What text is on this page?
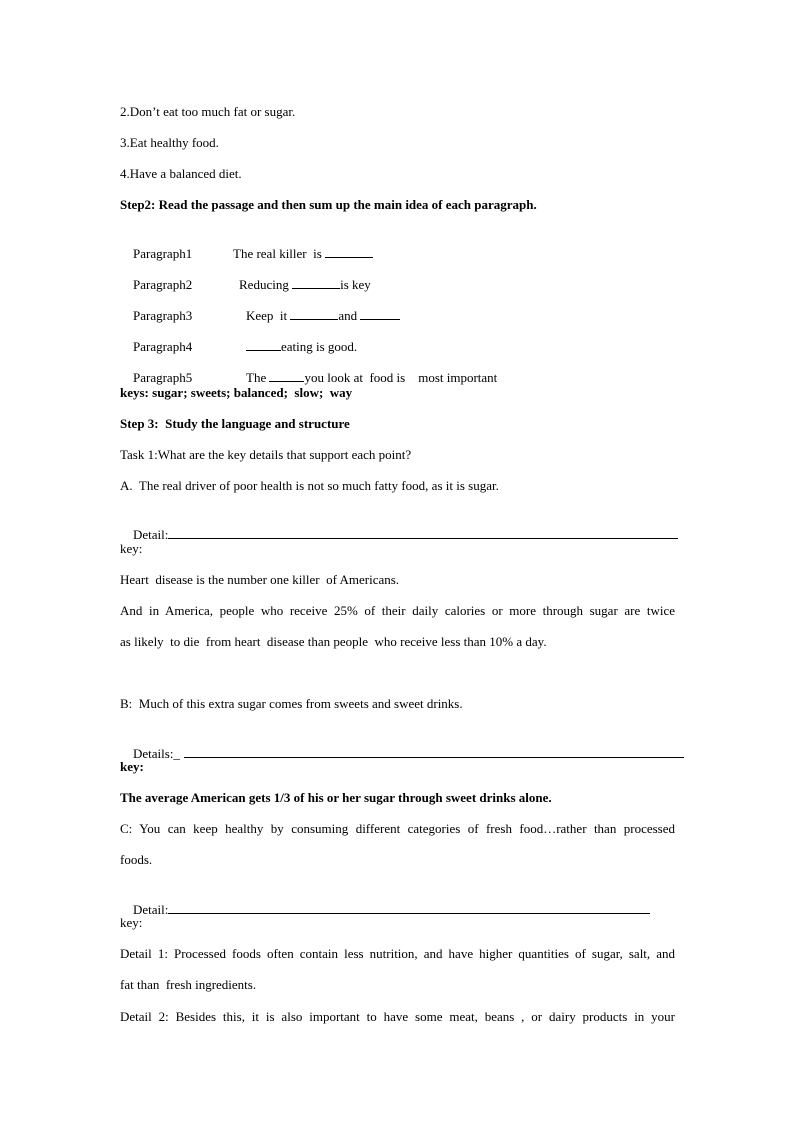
2.Don’t eat too much fat or sugar.
3.Eat healthy food.
4.Have a balanced diet.
Step2: Read the passage and then sum up the main idea of each paragraph.

Paragraph1	The real killer  is

Paragraph2	Reducing	is key

Paragraph3	Keep  it	and

Paragraph4	eating is good.

Paragraph5	The	you look at  food is    most important

keys: sugar; sweets; balanced;  slow;  way
Step 3:  Study the language and structure
Task 1:What are the key details that support each point?
A.  The real driver of poor health is not so much fatty food, as it is sugar.

Detail:

key:
Heart  disease is the number one killer  of Americans.
And in America, people who receive 25% of their daily calories or more through sugar are twice
as likely  to die  from heart  disease than people  who receive less than 10% a day.
B:  Much of this extra sugar comes from sweets and sweet drinks.

Details:_

key:
The average American gets 1/3 of his or her sugar through sweet drinks alone.
C: You can keep healthy by consuming different categories of fresh food…rather than processed
foods.

Detail:

key:
Detail 1: Processed foods often contain less nutrition, and have higher quantities of sugar, salt, and
fat than  fresh ingredients.
Detail 2: Besides this, it is also important to have some meat, beans , or dairy products in your
